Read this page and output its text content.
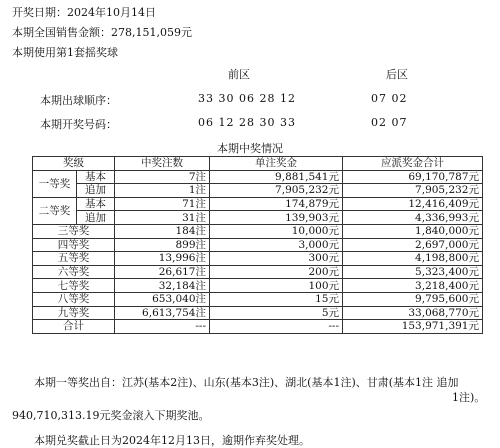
开奖日期：2024年10月14日
本期全国销售金额：278,151,059元
本期使用第1套摇奖球
前区	后区
本期出球顺序：	33 30 06 28 12	07 02
本期开奖号码：	06 12 28 30 33	02 07
本期中奖情况
奖级		中奖注数	单注奖金	应派奖金合计
一等奖	基本	7注	9,881,541元	69,170,787元
	追加	1注	7,905,232元	7,905,232元
二等奖	基本	71注	174,879元	12,416,409元
	追加	31注	139,903元	4,336,993元
三等奖		184注	10,000元	1,840,000元
四等奖		899注	3,000元	2,697,000元
五等奖		13,996注	300元	4,198,800元
六等奖		26,617注	200元	5,323,400元
七等奖		32,184注	100元	3,218,400元
八等奖		653,040注	15元	9,795,600元
九等奖		6,613,754注	5元	33,068,770元
合计		---	---	153,971,391元
本期一等奖出自：江苏(基本2注)、山东(基本3注)、湖北(基本1注)、甘肃(基本1注 追加
1注)。
940,710,313.19元奖金滚入下期奖池。
本期兑奖截止日为2024年12月13日，逾期作弃奖处理。
